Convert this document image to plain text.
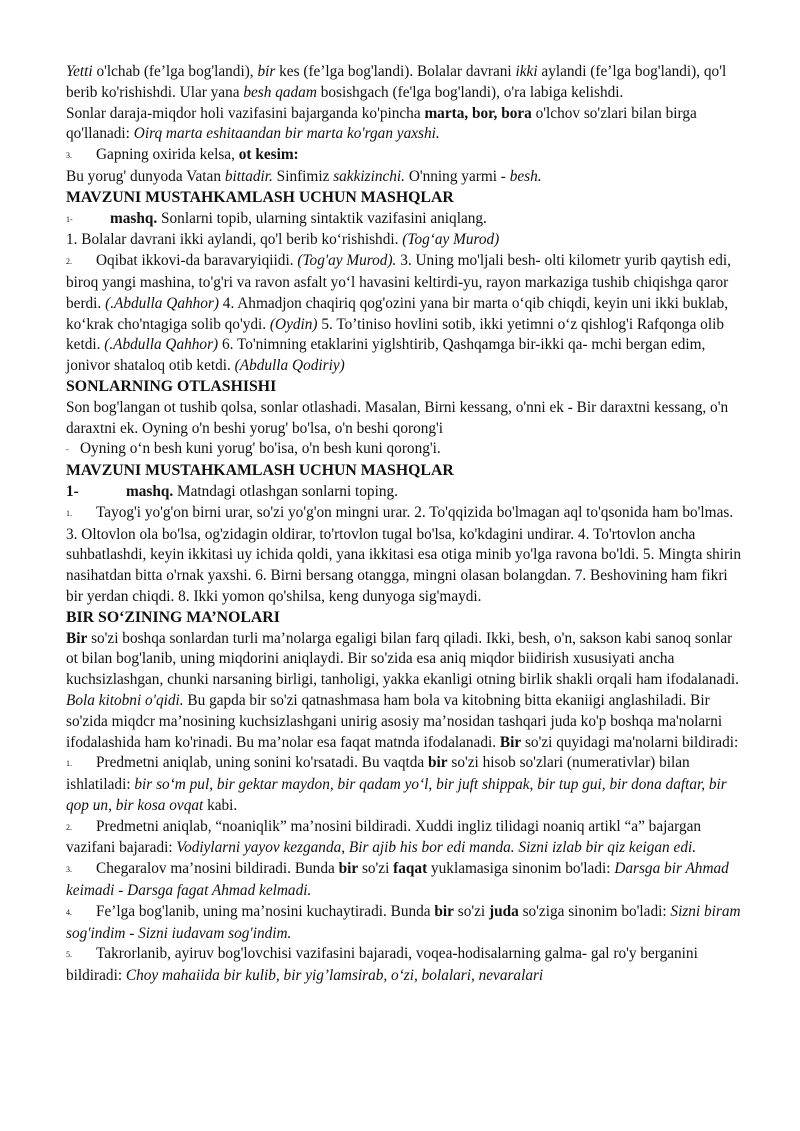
Yetti o'lchab (fe’lga bog'landi), bir kes (fe’lga bog'landi). Bolalar davrani ikki aylandi (fe’lga bog'landi), qo'l berib ko'rishishdi. Ular yana besh qadam bosishgach (fe'lga bog'landi), o'ra labiga kelishdi.

Sonlar daraja-miqdor holi vazifasini bajarganda ko'pincha marta, bor, bora o'lchov so'zlari bilan birga qo'llanadi: Oirq marta eshitaandan bir marta ko'rgan yaxshi.

3. Gapning oxirida kelsa, ot kesim:

Bu yorug' dunyoda Vatan bittadir. Sinfimiz sakkizinchi. O'nning yarmi - besh.

MAVZUNI MUSTAHKAMLASH UCHUN MASHQLAR

1- mashq. Sonlarni topib, ularning sintaktik vazifasini aniqlang.

1. Bolalar davrani ikki aylandi, qo'l berib ko‘rishishdi. (Tog‘ay Murod)

2. Oqibat ikkovi-da baravaryiqiidi. (Tog'ay Murod). 3. Uning mo'ljali besh- olti kilometr yurib qaytish edi, biroq yangi mashina, to'g'ri va ravon asfalt yo‘l havasini keltirdi-yu, rayon markaziga tushib chiqishga qaror berdi. (.Abdulla Qahhor) 4. Ahmadjon chaqiriq qog'ozini yana bir marta o‘qib chiqdi, keyin uni ikki buklab, ko‘krak cho'ntagiga solib qo'ydi. (Oydin) 5. To’tiniso hovlini sotib, ikki yetimni o‘z qishlog'i Rafqonga olib ketdi. (.Abdulla Qahhor) 6. To'nimning etaklarini yiglshtirib, Qashqamga bir-ikki qa- mchi bergan edim, jonivor shataloq otib ketdi. (Abdulla Qodiriy)

SONLARNING OTLASHISHI

Son bog'langan ot tushib qolsa, sonlar otlashadi. Masalan, Birni kessang, o'nni ek - Bir daraxtni kessang, o'n daraxtni ek. Oyning o'n beshi yorug' bo'lsa, o'n beshi qorong'i

- Oyning o‘n besh kuni yorug' bo'isa, o'n besh kuni qorong'i.

MAVZUNI MUSTAHKAMLASH UCHUN MASHQLAR

1-	mashq. Matndagi otlashgan sonlarni toping.

1. Tayog'i yo'g'on birni urar, so'zi yo'g'on mingni urar. 2. To'qqizida bo'lmagan aql to'qsonida ham bo'lmas. 3. Oltovlon ola bo'lsa, og'zidagin oldirar, to'rtovlon tugal bo'lsa, ko'kdagini undirar. 4. To'rtovlon ancha suhbatlashdi, keyin ikkitasi uy ichida qoldi, yana ikkitasi esa otiga minib yo'lga ravona bo'ldi. 5. Mingta shirin nasihatdan bitta o'rnak yaxshi. 6. Birni bersang otangga, mingni olasan bolangdan. 7. Beshovining ham fikri bir yerdan chiqdi. 8. Ikki yomon qo'shilsa, keng dunyoga sig'maydi.

BIR SO‘ZINING MA’NOLARI

Bir so'zi boshqa sonlardan turli ma’nolarga egaligi bilan farq qiladi. Ikki, besh, o'n, sakson kabi sanoq sonlar ot bilan bog'lanib, uning miqdorini aniqlaydi. Bir so'zida esa aniq miqdor biidirish xususiyati ancha kuchsizlashgan, chunki narsaning birligi, tanholigi, yakka ekanligi otning birlik shakli orqali ham ifodalanadi. Bola kitobni o'qidi. Bu gapda bir so'zi qatnashmasa ham bola va kitobning bitta ekaniigi anglashiladi. Bir so'zida miqdcr ma’nosining kuchsizlashgani unirig asosiy ma’nosidan tashqari juda ko'p boshqa ma'nolarni ifodalashida ham ko'rinadi. Bu ma’nolar esa faqat matnda ifodalanadi. Bir so'zi quyidagi ma'nolarni bildiradi:

1. Predmetni aniqlab, uning sonini ko'rsatadi. Bu vaqtda bir so'zi hisob so'zlari (numerativlar) bilan ishlatiladi: bir so‘m pul, bir gektar maydon, bir qadam yo‘l, bir juft shippak, bir tup gui, bir dona daftar, bir qop un, bir kosa ovqat kabi.

2. Predmetni aniqlab, “noaniqlik” ma’nosini bildiradi. Xuddi ingliz tilidagi noaniq artikl “a” bajargan vazifani bajaradi: Vodiylarni yayov kezganda, Bir ajib his bor edi manda. Sizni izlab bir qiz keigan edi.

3. Chegaralov ma’nosini bildiradi. Bunda bir so'zi faqat yuklamasiga sinonim bo'ladi: Darsga bir Ahmad keimadi - Darsga fagat Ahmad kelmadi.

4. Fe’lga bog'lanib, uning ma’nosini kuchaytiradi. Bunda bir so'zi juda so'ziga sinonim bo'ladi: Sizni biram sog'indim - Sizni iudavam sog'indim.

5. Takrorlanib, ayiruv bog'lovchisi vazifasini bajaradi, voqea-hodisalarning galma- gal ro'y berganini bildiradi: Choy mahaiida bir kulib, bir yig’lamsirab, o‘zi, bolalari, nevaralari
